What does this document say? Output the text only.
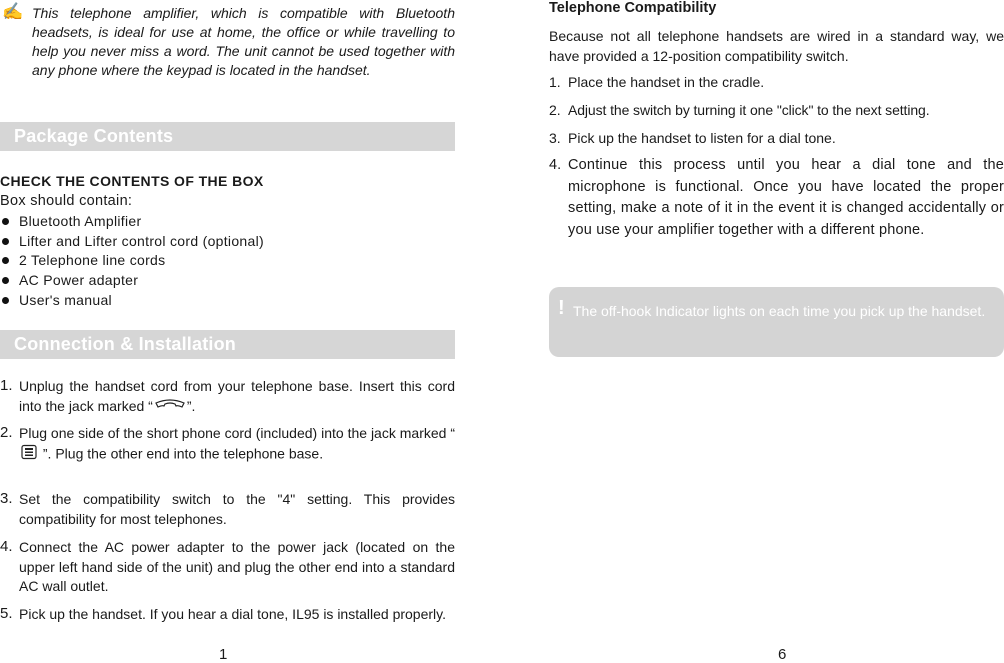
✍ This telephone amplifier, which is compatible with Bluetooth headsets, is ideal for use at home, the office or while travelling to help you never miss a word. The unit cannot be used together with any phone where the keypad is located in the handset.
Package Contents
CHECK THE CONTENTS OF THE BOX
Box should contain:
Bluetooth Amplifier
Lifter and Lifter control cord (optional)
2 Telephone line cords
AC Power adapter
User's manual
Connection & Installation
1. Unplug the handset cord from your telephone base. Insert this cord into the jack marked “ ”.
2. Plug one side of the short phone cord (included) into the jack marked “ ”. Plug the other end into the telephone base.
3. Set the compatibility switch to the "4" setting. This provides compatibility for most telephones.
4. Connect the AC power adapter to the power jack (located on the upper left hand side of the unit) and plug the other end into a standard AC wall outlet.
5. Pick up the handset. If you hear a dial tone, IL95 is installed properly.
1
Telephone Compatibility
Because not all telephone handsets are wired in a standard way, we have provided a 12-position compatibility switch.
1. Place the handset in the cradle.
2. Adjust the switch by turning it one "click" to the next setting.
3. Pick up the handset to listen for a dial tone.
4. Continue this process until you hear a dial tone and the microphone is functional. Once you have located the proper setting, make a note of it in the event it is changed accidentally or you use your amplifier together with a different phone.
! The off-hook Indicator lights on each time you pick up the handset.
6
